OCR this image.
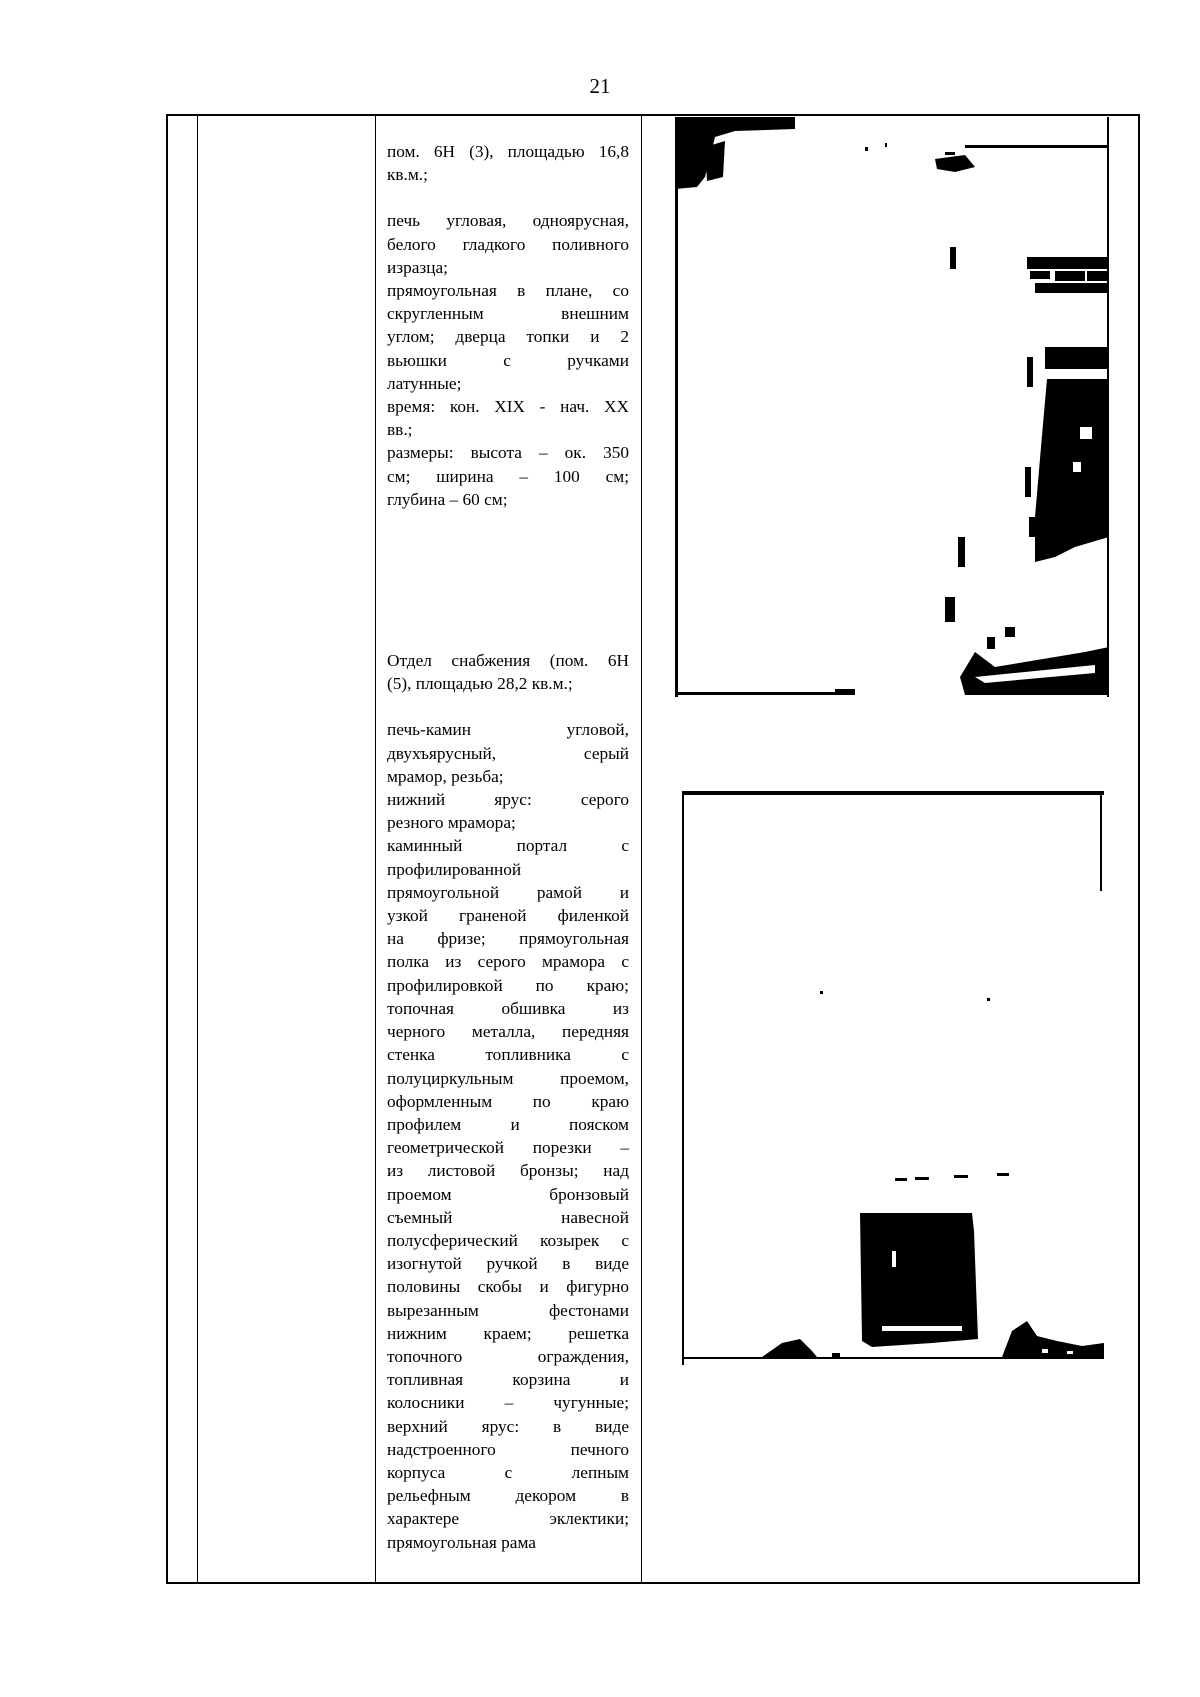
21

пом. 6Н (3), площадью 16,8

кв.м.;

печь угловая, одноярусная,

белого гладкого поливного

изразца;

прямоугольная в плане, со

скругленным внешним

углом; дверца топки и 2

вьюшки с ручками

латунные;

время: кон. XIX - нач. XX

вв.;

размеры: высота – ок. 350

см; ширина – 100 см;

глубина – 60 см;

Отдел снабжения (пом. 6Н

(5), площадью 28,2 кв.м.;

печь-камин угловой,

двухъярусный, серый

мрамор, резьба;

нижний ярус: серого

резного мрамора;

каминный портал с

профилированной

прямоугольной рамой и

узкой граненой филенкой

на фризе; прямоугольная

полка из серого мрамора с

профилировкой по краю;

топочная обшивка из

черного металла, передняя

стенка топливника с

полуциркульным проемом,

оформленным по краю

профилем и пояском

геометрической порезки –

из листовой бронзы; над

проемом бронзовый

съемный навесной

полусферический козырек с

изогнутой ручкой в виде

половины скобы и фигурно

вырезанным фестонами

нижним краем; решетка

топочного ограждения,

топливная корзина и

колосники – чугунные;

верхний ярус: в виде

надстроенного печного

корпуса с лепным

рельефным декором в

характере эклектики;

прямоугольная рама
